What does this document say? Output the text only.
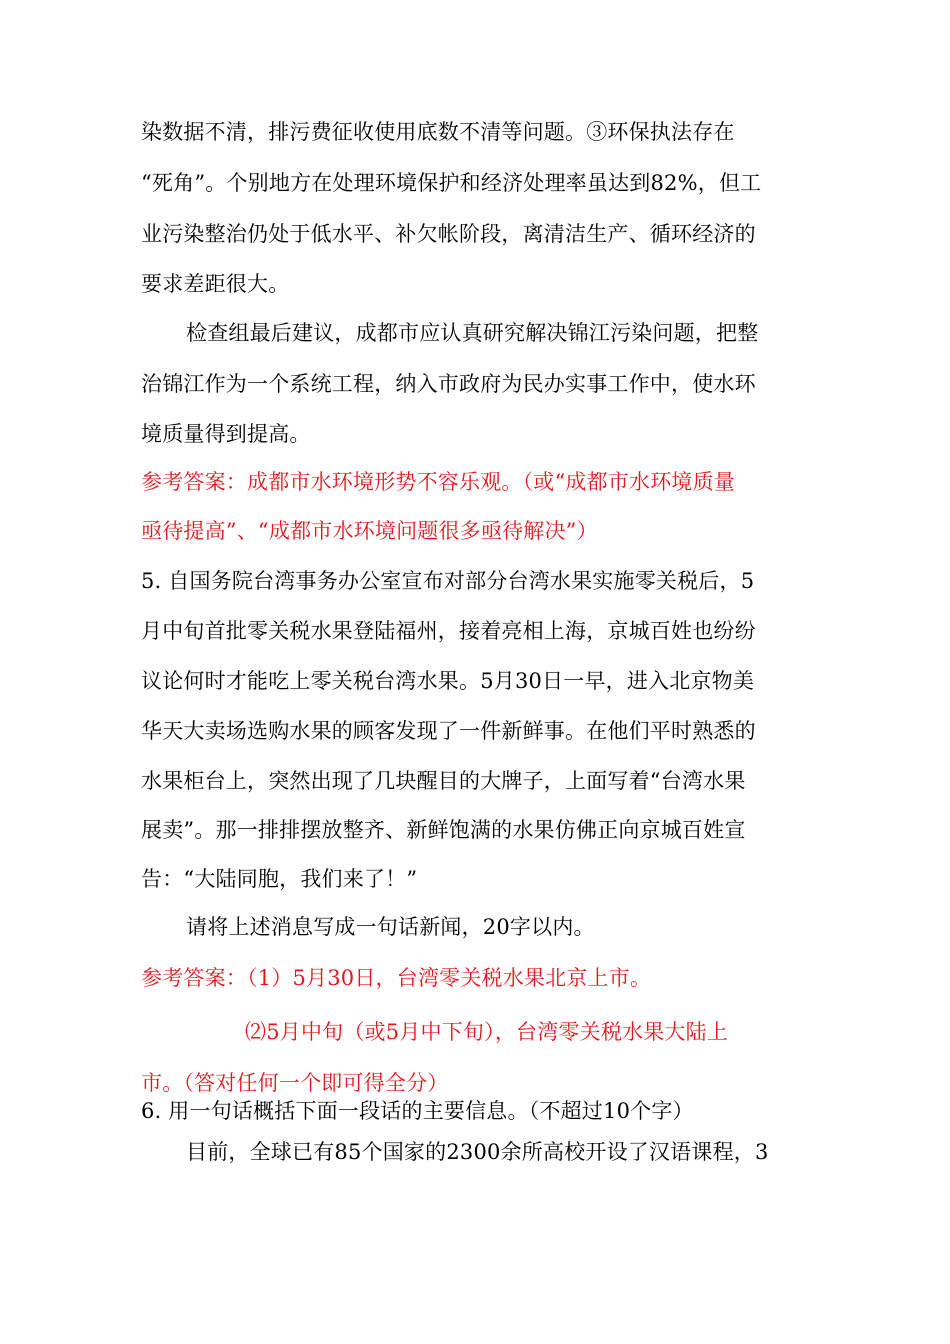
染数据不清，排污费征收使用底数不清等问题。③环保执法存在
“死角”。个别地方在处理环境保护和经济处理率虽达到82%，但工
业污染整治仍处于低水平、补欠帐阶段，离清洁生产、循环经济的
要求差距很大。
检查组最后建议，成都市应认真研究解决锦江污染问题，把整
治锦江作为一个系统工程，纳入市政府为民办实事工作中，使水环
境质量得到提高。
参考答案：成都市水环境形势不容乐观。（或“成都市水环境质量
亟待提高”、“成都市水环境问题很多亟待解决”）
5. 自国务院台湾事务办公室宣布对部分台湾水果实施零关税后，5
月中旬首批零关税水果登陆福州，接着亮相上海，京城百姓也纷纷
议论何时才能吃上零关税台湾水果。5月30日一早，进入北京物美
华天大卖场选购水果的顾客发现了一件新鲜事。在他们平时熟悉的
水果柜台上，突然出现了几块醒目的大牌子，上面写着“台湾水果
展卖”。那一排排摆放整齐、新鲜饱满的水果仿佛正向京城百姓宣
告：“大陆同胞，我们来了！”
请将上述消息写成一句话新闻，20字以内。
参考答案：（1）5月30日，台湾零关税水果北京上市。
⑵5月中旬（或5月中下旬），台湾零关税水果大陆上
市。（答对任何一个即可得全分）
6. 用一句话概括下面一段话的主要信息。（不超过10个字）
目前，全球已有85个国家的2300余所高校开设了汉语课程，3
